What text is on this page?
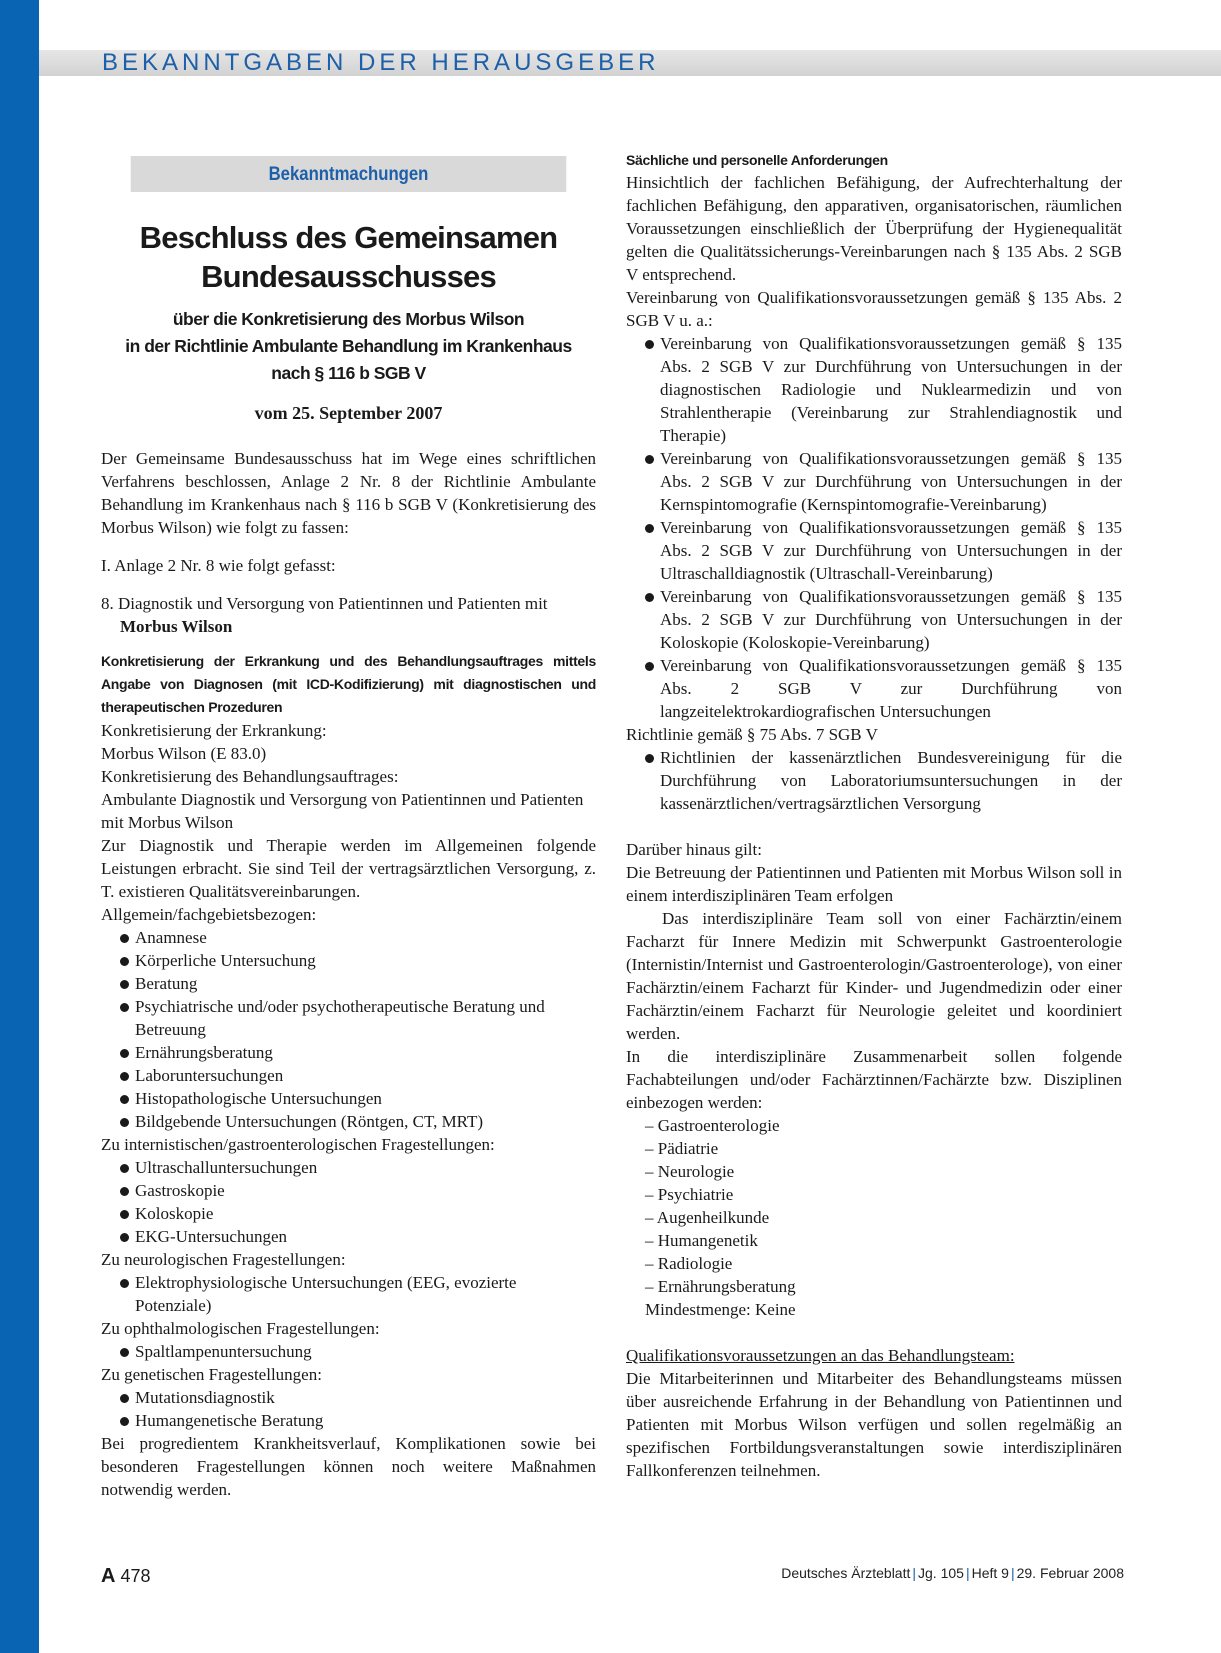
BEKANNTGABEN DER HERAUSGEBER
Bekanntmachungen
Beschluss des Gemeinsamen
Bundesausschusses
über die Konkretisierung des Morbus Wilson
in der Richtlinie Ambulante Behandlung im Krankenhaus
nach § 116 b SGB V
vom 25. September 2007

Der Gemeinsame Bundesausschuss hat im Wege eines schriftlichen Verfahrens beschlossen, Anlage 2 Nr. 8 der Richtlinie Ambulante Behandlung im Krankenhaus nach § 116 b SGB V (Konkretisierung des Morbus Wilson) wie folgt zu fassen:

I. Anlage 2 Nr. 8 wie folgt gefasst:
8. Diagnostik und Versorgung von Patientinnen und Patienten mit
Morbus Wilson
Konkretisierung der Erkrankung und des Behandlungsauftrages mittels Angabe von Diagnosen (mit ICD-Kodifizierung) mit diagnostischen und therapeutischen Prozeduren
Konkretisierung der Erkrankung:
Morbus Wilson (E 83.0)
Konkretisierung des Behandlungsauftrages:
Ambulante Diagnostik und Versorgung von Patientinnen und Patienten mit Morbus Wilson
Zur Diagnostik und Therapie werden im Allgemeinen folgende Leistungen erbracht. Sie sind Teil der vertragsärztlichen Versorgung, z. T. existieren Qualitätsvereinbarungen.
Allgemein/fachgebietsbezogen:
Anamnese
Körperliche Untersuchung
Beratung
Psychiatrische und/oder psychotherapeutische Beratung und Betreuung
Ernährungsberatung
Laboruntersuchungen
Histopathologische Untersuchungen
Bildgebende Untersuchungen (Röntgen, CT, MRT)
Zu internistischen/gastroenterologischen Fragestellungen:
Ultraschalluntersuchungen
Gastroskopie
Koloskopie
EKG-Untersuchungen
Zu neurologischen Fragestellungen:
Elektrophysiologische Untersuchungen (EEG, evozierte Potenziale)
Zu ophthalmologischen Fragestellungen:
Spaltlampenuntersuchung
Zu genetischen Fragestellungen:
Mutationsdiagnostik
Humangenetische Beratung
Bei progredientem Krankheitsverlauf, Komplikationen sowie bei besonderen Fragestellungen können noch weitere Maßnahmen notwendig werden.
Sächliche und personelle Anforderungen
Hinsichtlich der fachlichen Befähigung, der Aufrechterhaltung der fachlichen Befähigung, den apparativen, organisatorischen, räumlichen Voraussetzungen einschließlich der Überprüfung der Hygienequalität gelten die Qualitätssicherungs-Vereinbarungen nach § 135 Abs. 2 SGB V entsprechend.
Vereinbarung von Qualifikationsvoraussetzungen gemäß § 135 Abs. 2 SGB V u. a.:
Vereinbarung von Qualifikationsvoraussetzungen gemäß § 135 Abs. 2 SGB V zur Durchführung von Untersuchungen in der diagnostischen Radiologie und Nuklearmedizin und von Strahlentherapie (Vereinbarung zur Strahlendiagnostik und Therapie)
Vereinbarung von Qualifikationsvoraussetzungen gemäß § 135 Abs. 2 SGB V zur Durchführung von Untersuchungen in der Kernspintomografie (Kernspintomografie-Vereinbarung)
Vereinbarung von Qualifikationsvoraussetzungen gemäß § 135 Abs. 2 SGB V zur Durchführung von Untersuchungen in der Ultraschalldiagnostik (Ultraschall-Vereinbarung)
Vereinbarung von Qualifikationsvoraussetzungen gemäß § 135 Abs. 2 SGB V zur Durchführung von Untersuchungen in der Koloskopie (Koloskopie-Vereinbarung)
Vereinbarung von Qualifikationsvoraussetzungen gemäß § 135 Abs. 2 SGB V zur Durchführung von langzeitelektrokardiografischen Untersuchungen
Richtlinie gemäß § 75 Abs. 7 SGB V
Richtlinien der kassenärztlichen Bundesvereinigung für die Durchführung von Laboratoriumsuntersuchungen in der kassenärztlichen/vertragsärztlichen Versorgung
Darüber hinaus gilt:
Die Betreuung der Patientinnen und Patienten mit Morbus Wilson soll in einem interdisziplinären Team erfolgen
Das interdisziplinäre Team soll von einer Fachärztin/einem Facharzt für Innere Medizin mit Schwerpunkt Gastroenterologie (Internistin/Internist und Gastroenterologin/Gastroenterologe), von einer Fachärztin/einem Facharzt für Kinder- und Jugendmedizin oder einer Fachärztin/einem Facharzt für Neurologie geleitet und koordiniert werden.
In die interdisziplinäre Zusammenarbeit sollen folgende Fachabteilungen und/oder Fachärztinnen/Fachärzte bzw. Disziplinen einbezogen werden:
– Gastroenterologie
– Pädiatrie
– Neurologie
– Psychiatrie
– Augenheilkunde
– Humangenetik
– Radiologie
– Ernährungsberatung
Mindestmenge: Keine
Qualifikationsvoraussetzungen an das Behandlungsteam:
Die Mitarbeiterinnen und Mitarbeiter des Behandlungsteams müssen über ausreichende Erfahrung in der Behandlung von Patientinnen und Patienten mit Morbus Wilson verfügen und sollen regelmäßig an spezifischen Fortbildungsveranstaltungen sowie interdisziplinären Fallkonferenzen teilnehmen.
A 478	Deutsches Ärzteblatt | Jg. 105 | Heft 9 | 29. Februar 2008
